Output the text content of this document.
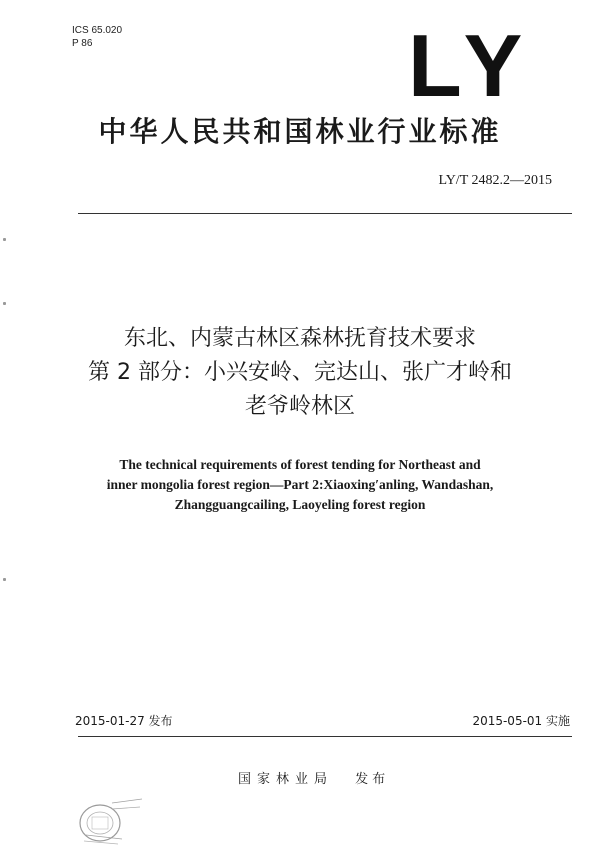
ICS 65.020
P 86	LY
中华人民共和国林业行业标准
LY/T 2482.2—2015
东北、内蒙古林区森林抚育技术要求
第 2 部分：小兴安岭、完达山、张广才岭和
老爷岭林区
The technical requirements of forest tending for Northeast and
inner mongolia forest region—Part 2:Xiaoxing′anling, Wandashan,
Zhangguangcailing, Laoyeling forest region
2015-01-27 发布	2015-05-01 实施
国家林业局 发布
